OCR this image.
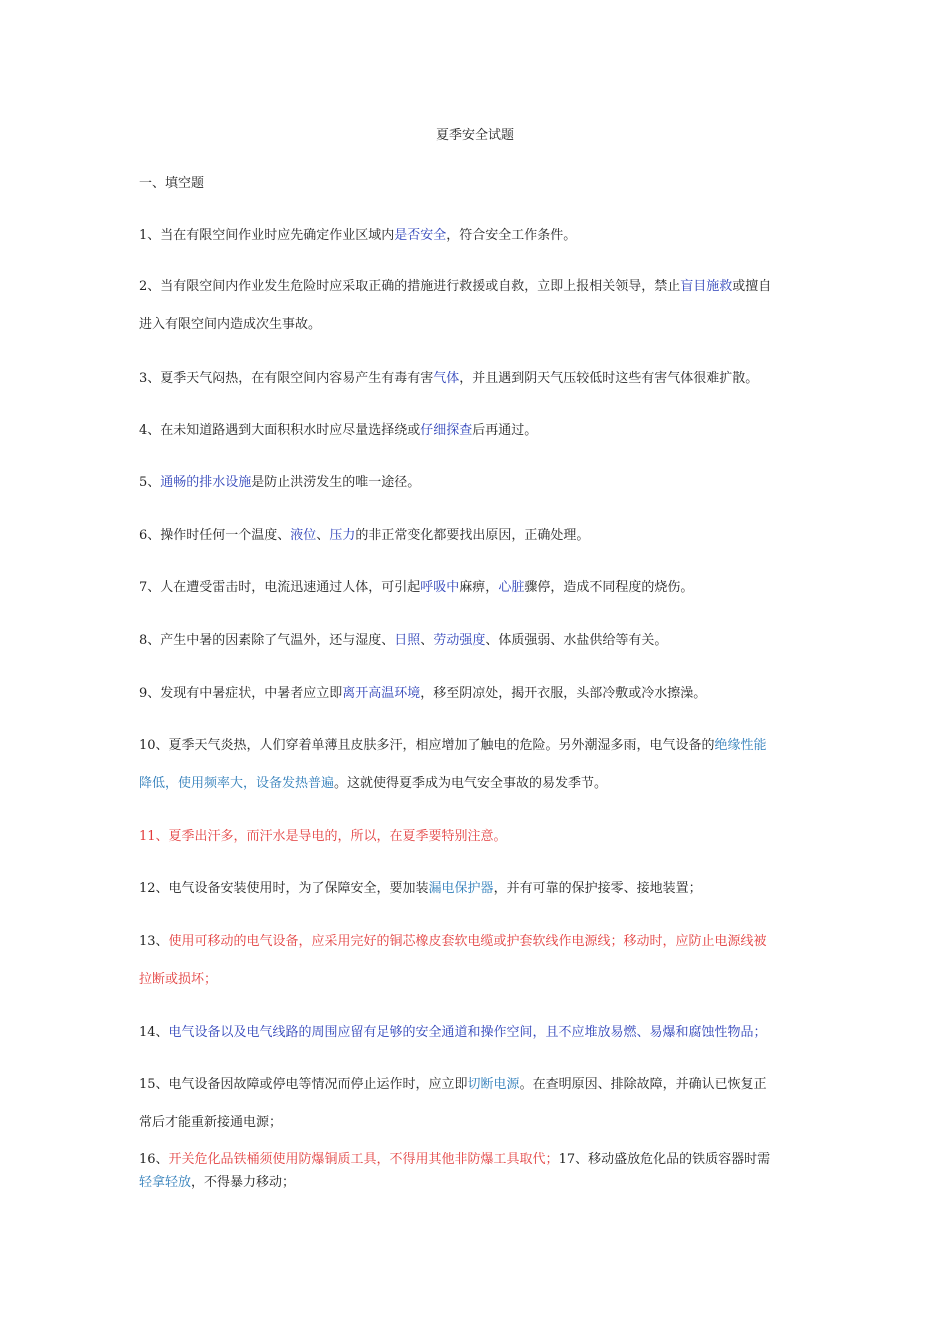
夏季安全试题
一、填空题
1、当在有限空间作业时应先确定作业区域内是否安全，符合安全工作条件。
2、当有限空间内作业发生危险时应采取正确的措施进行救援或自救，立即上报相关领导，禁止盲目施救或擅自
进入有限空间内造成次生事故。
3、夏季天气闷热，在有限空间内容易产生有毒有害气体，并且遇到阴天气压较低时这些有害气体很难扩散。
4、在未知道路遇到大面积积水时应尽量选择绕或仔细探查后再通过。
5、通畅的排水设施是防止洪涝发生的唯一途径。
6、操作时任何一个温度、液位、压力的非正常变化都要找出原因，正确处理。
7、人在遭受雷击时，电流迅速通过人体，可引起呼吸中麻痹，心脏骤停，造成不同程度的烧伤。
8、产生中暑的因素除了气温外，还与湿度、日照、劳动强度、体质强弱、水盐供给等有关。
9、发现有中暑症状，中暑者应立即离开高温环境，移至阴凉处，揭开衣服，头部冷敷或冷水擦澡。
10、夏季天气炎热，人们穿着单薄且皮肤多汗，相应增加了触电的危险。另外潮湿多雨，电气设备的绝缘性能
降低，使用频率大，设备发热普遍。这就使得夏季成为电气安全事故的易发季节。
11、夏季出汗多，而汗水是导电的，所以，在夏季要特别注意。
12、电气设备安装使用时，为了保障安全，要加装漏电保护器，并有可靠的保护接零、接地装置；
13、使用可移动的电气设备，应采用完好的铜芯橡皮套软电缆或护套软线作电源线；移动时，应防止电源线被
拉断或损坏；
14、电气设备以及电气线路的周围应留有足够的安全通道和操作空间，且不应堆放易燃、易爆和腐蚀性物品；
15、电气设备因故障或停电等情况而停止运作时，应立即切断电源。在查明原因、排除故障，并确认已恢复正
常后才能重新接通电源；
16、开关危化品铁桶须使用防爆铜质工具，不得用其他非防爆工具取代；17、移动盛放危化品的铁质容器时需
轻拿轻放，不得暴力移动；
